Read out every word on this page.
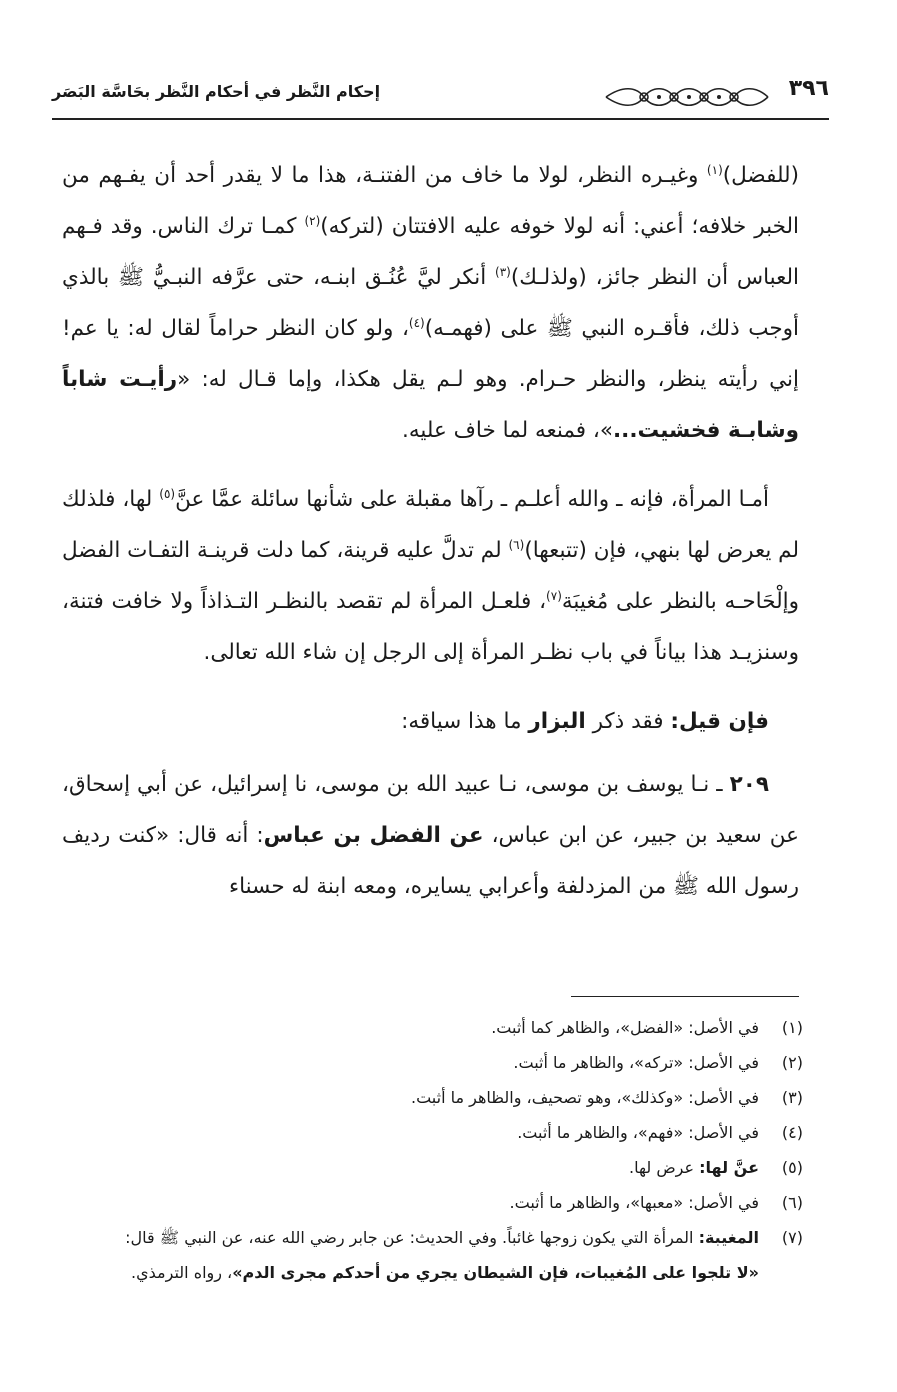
إحكام النَّظر في أحكام النَّظر بحَاسَّة البَصَر	٣٩٦

(للفضل)$^{(١)}$ وغيـره النظر، لولا ما خاف من الفتنـة، هذا ما لا يقدر أحد أن يفـهم من الخبر خلافه؛ أعني: أنه لولا خوفه عليه الافتتان (لتركه)$^{(٢)}$ كمـا ترك الناس. وقد فـهم العباس أن النظر جائز، (ولذلـك)$^{(٣)}$ أنكر ليَّ عُنُـق ابنـه، حتى عرَّفه النبـيُّ ﷺ بالذي أوجب ذلك، فأقـره النبي ﷺ على (فهمـه)$^{(٤)}$، ولو كان النظر حراماً لقال له: يا عم! إني رأيته ينظر، والنظر حـرام. وهو لـم يقل هكذا، وإما قـال له: «رأيـت شاباً وشابـة فخشيت...»، فمنعه لما خاف عليه.

أمـا المرأة، فإنه ـ والله أعلـم ـ رآها مقبلة على شأنها سائلة عمَّا عنَّ$^{(٥)}$ لها، فلذلك لم يعرض لها بنهي، فإن (تتبعها)$^{(٦)}$ لم تدلَّ عليه قرينة، كما دلت قرينـة التفـات الفضل وإلْحَاحـه بالنظر على مُغيبَة$^{(٧)}$، فلعـل المرأة لم تقصد بالنظـر التـذاذاً ولا خافت فتنة، وسنزيـد هذا بياناً في باب نظـر المرأة إلى الرجل إن شاء الله تعالى.

فإن قيل: فقد ذكر البزار ما هذا سياقه:

٢٠٩ ـ نـا يوسف بن موسى، نـا عبيد الله بن موسى، نا إسرائيل، عن أبي إسحاق، عن سعيد بن جبير، عن ابن عباس، عن الفضل بن عباس: أنه قال: «كنت رديف رسول الله ﷺ من المزدلفة وأعرابي يسايره، ومعه ابنة له حسناء

(١)في الأصل: «الفضل»، والظاهر كما أثبت.

(٢)في الأصل: «تركه»، والظاهر ما أثبت.

(٣)في الأصل: «وكذلك»، وهو تصحيف، والظاهر ما أثبت.

(٤)في الأصل: «فهم»، والظاهر ما أثبت.

(٥)عنَّ لها: عرض لها.

(٦)في الأصل: «معبها»، والظاهر ما أثبت.

(٧)المغيبة: المرأة التي يكون زوجها غائباً. وفي الحديث: عن جابر رضي الله عنه، عن النبي ﷺ قال:

«لا تلجوا على المُغيبات، فإن الشيطان يجري من أحدكم مجرى الدم»، رواه الترمذي.
